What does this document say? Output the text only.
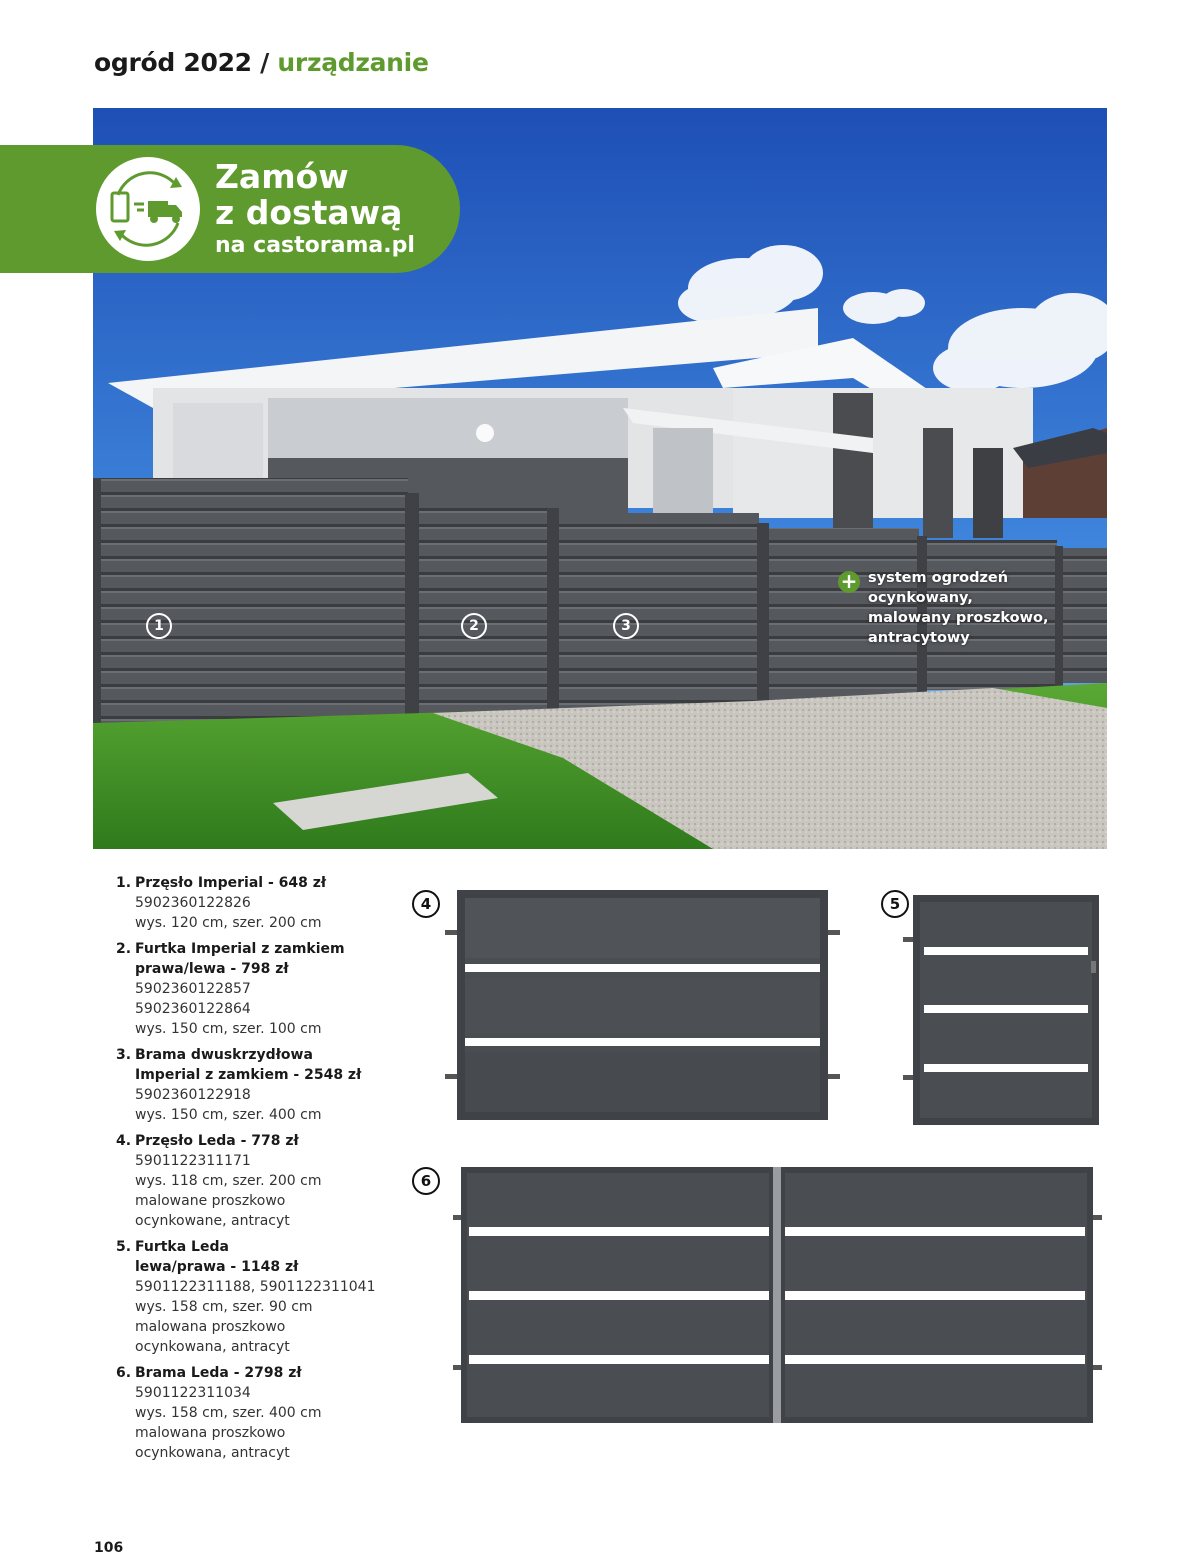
ogród 2022 / urządzanie
1	2	3
+ system ogrodzeń
ocynkowany,
malowany proszkowo,
antracytowy
Zamów
z dostawą
na castorama.pl
1. Przęsło Imperial - 648 zł
5902360122826
wys. 120 cm, szer. 200 cm
2. Furtka Imperial z zamkiem
prawa/lewa - 798 zł
5902360122857
5902360122864
wys. 150 cm, szer. 100 cm
3. Brama dwuskrzydłowa
Imperial z zamkiem - 2548 zł
5902360122918
wys. 150 cm, szer. 400 cm
4. Przęsło Leda - 778 zł
5901122311171
wys. 118 cm, szer. 200 cm
malowane proszkowo
ocynkowane, antracyt
5. Furtka Leda
lewa/prawa - 1148 zł
5901122311188, 5901122311041
wys. 158 cm, szer. 90 cm
malowana proszkowo
ocynkowana, antracyt
6. Brama Leda - 2798 zł
5901122311034
wys. 158 cm, szer. 400 cm
malowana proszkowo
ocynkowana, antracyt
4	5
6
106
